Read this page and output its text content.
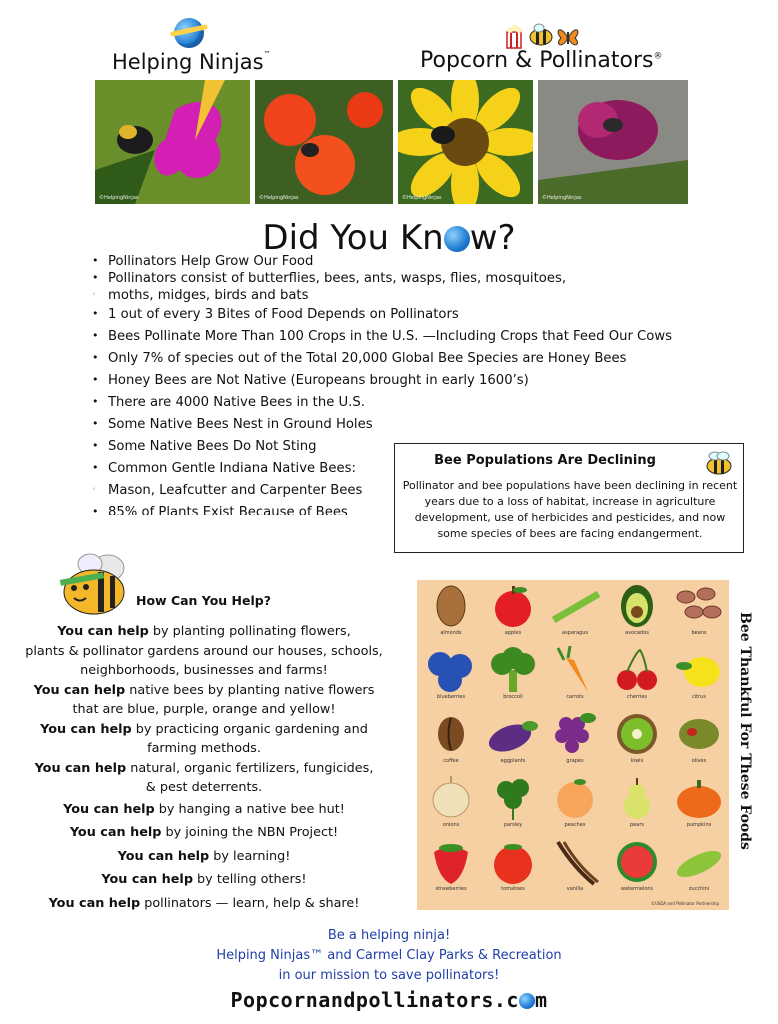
Helping Ninjas™	Popcorn & Pollinators®
©HelpingNinjas	©HelpingNinjas	©HelpingNinjas	©HelpingNinjas
Did You Kn w?
• Pollinators Help Grow Our Food
• Pollinators consist of butterflies, bees, ants, wasps, flies, mosquitoes,
• • moths, midges, birds and bats
• 1 out of every 3 Bites of Food Depends on Pollinators
• Bees Pollinate More Than 100 Crops in the U.S. —Including Crops that Feed Our Cows
• Only 7% of species out of the Total 20,000 Global Bee Species are Honey Bees
• Honey Bees are Not Native (Europeans brought in early 1600’s)
• There are 4000 Native Bees in the U.S.
• Some Native Bees Nest in Ground Holes
• Some Native Bees Do Not Sting
• Common Gentle Indiana Native Bees:
• • Mason, Leafcutter and Carpenter Bees
• 85% of Plants Exist Because of Bees
Bee Populations Are Declining
Pollinator and bee populations have been declining in recent years due to a loss of habitat, increase in agriculture development, use of herbicides and pesticides, and now some species of bees are facing endangerment.
How Can You Help?
You can help by planting pollinating flowers,
plants & pollinator gardens around our houses, schools,
neighborhoods, businesses and farms!
You can help native bees by planting native flowers
that are blue, purple, orange and yellow!
You can help by practicing organic gardening and
farming methods.
You can help natural, organic fertilizers, fungicides,
& pest deterrents.
You can help by hanging a native bee hut!
You can help by joining the NBN Project!
You can help by learning!
You can help by telling others!
You can help pollinators — learn, help & share!
almonds	apples	asparagus	avocados	beans
blueberries	broccoli	carrots	cherries	citrus
coffee	eggplants	grapes	kiwis	olives
onions	parsley	peaches	pears	pumpkins
strawberries	tomatoes	vanilla	watermelons	zucchini
©USDA and Pollinator Partnership
Bee Thankful For These Foods
Be a helping ninja!
Helping Ninjas™ and Carmel Clay Parks & Recreation
in our mission to save pollinators!
Popcornandpollinators.c m
